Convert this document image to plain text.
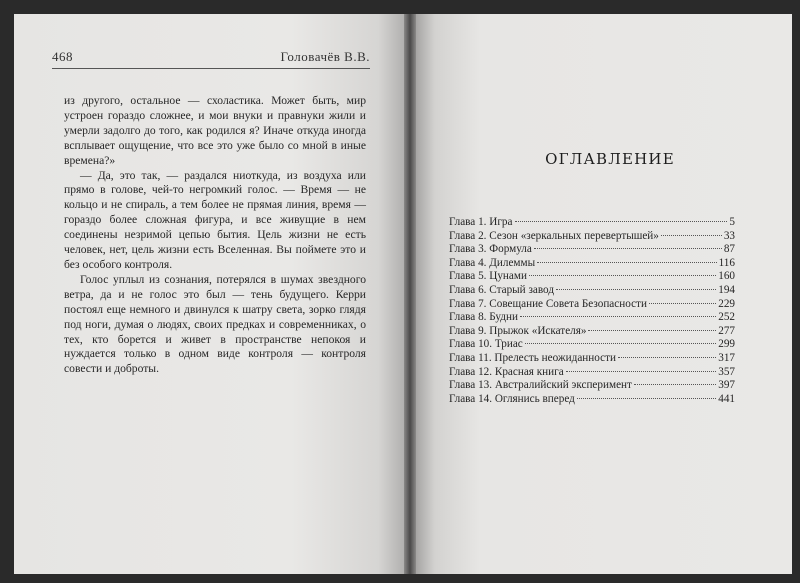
468	Головачёв В.В.

из другого, остальное — схоластика. Может быть, мир устроен гораздо сложнее, и мои внуки и правнуки жили и умерли задолго до того, как родился я? Иначе откуда иногда всплывает ощущение, что все это уже было со мной в иные времена?»

— Да, это так, — раздался ниоткуда, из воздуха или прямо в голове, чей-то негромкий голос. — Время — не кольцо и не спираль, а тем более не прямая линия, время — гораздо более сложная фигура, и все живущие в нем соединены незримой цепью бытия. Цель жизни не есть человек, нет, цель жизни есть Вселенная. Вы поймете это и без особого контроля.

Голос уплыл из сознания, потерялся в шумах звездного ветра, да и не голос это был — тень будущего. Керри постоял еще немного и двинулся к шатру света, зорко глядя под ноги, думая о людях, своих предках и современниках, о тех, кто борется и живет в пространстве непокоя и нуждается только в одном виде контроля — контроля совести и доброты.

ОГЛАВЛЕНИЕ
Глава 1. Игра	5
Глава 2. Сезон «зеркальных перевертышей»	33
Глава 3. Формула	87
Глава 4. Дилеммы	116
Глава 5. Цунами	160
Глава 6. Старый завод	194
Глава 7. Совещание Совета Безопасности	229
Глава 8. Будни	252
Глава 9. Прыжок «Искателя»	277
Глава 10. Триас	299
Глава 11. Прелесть неожиданности	317
Глава 12. Красная книга	357
Глава 13. Австралийский эксперимент	397
Глава 14. Оглянись вперед	441
